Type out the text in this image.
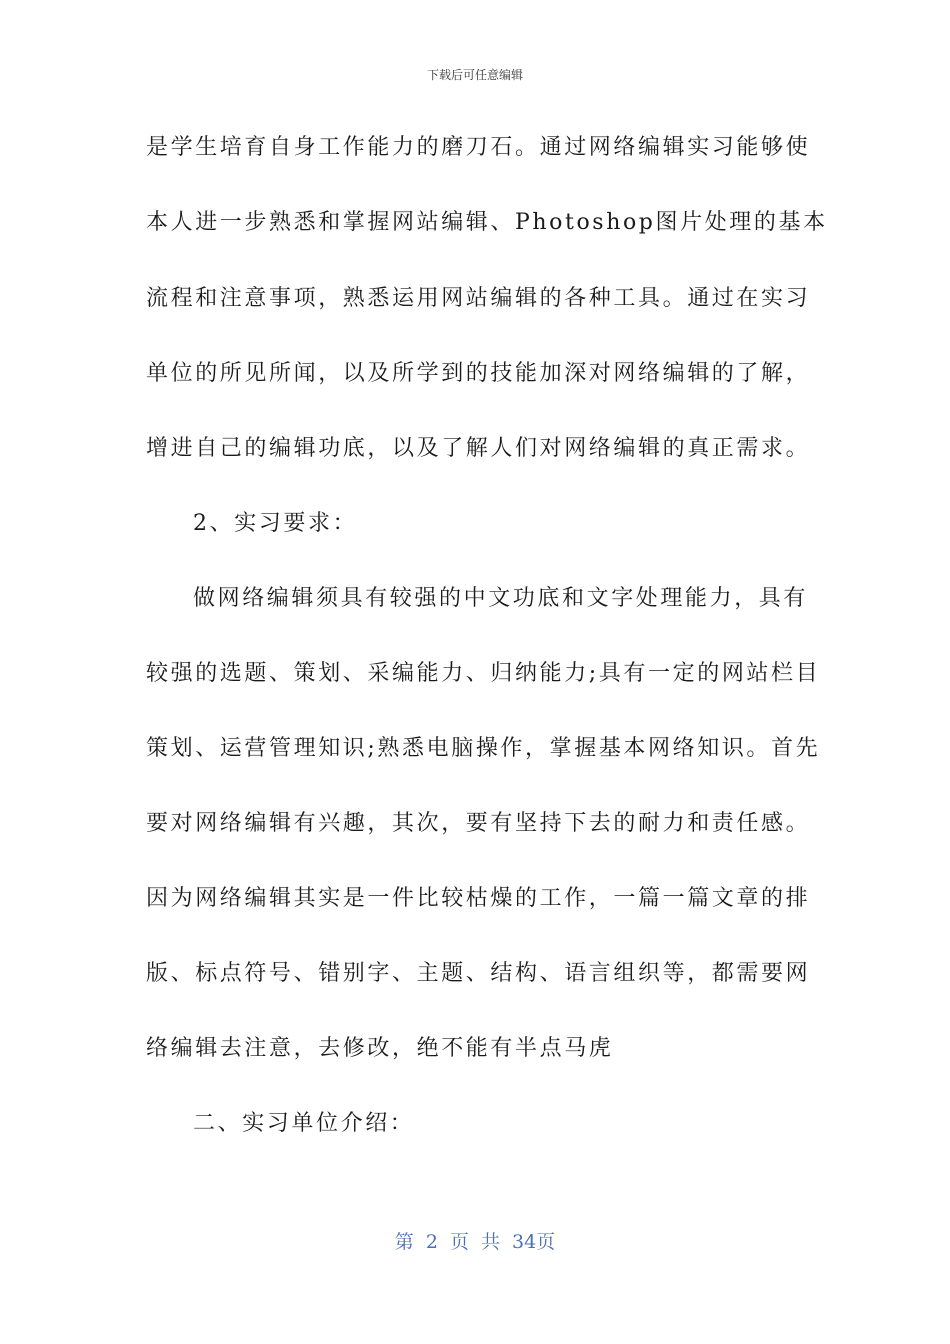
下载后可任意编辑
是学生培育自身工作能力的磨刀石。通过网络编辑实习能够使
本人进一步熟悉和掌握网站编辑、Photoshop图片处理的基本
流程和注意事项，熟悉运用网站编辑的各种工具。通过在实习
单位的所见所闻，以及所学到的技能加深对网络编辑的了解，
增进自己的编辑功底，以及了解人们对网络编辑的真正需求。
2、实习要求：
做网络编辑须具有较强的中文功底和文字处理能力，具有
较强的选题、策划、采编能力、归纳能力;具有一定的网站栏目
策划、运营管理知识;熟悉电脑操作，掌握基本网络知识。首先
要对网络编辑有兴趣，其次，要有坚持下去的耐力和责任感。
因为网络编辑其实是一件比较枯燥的工作，一篇一篇文章的排
版、标点符号、错别字、主题、结构、语言组织等，都需要网
络编辑去注意，去修改，绝不能有半点马虎
二、实习单位介绍：
第 2 页 共 34页
